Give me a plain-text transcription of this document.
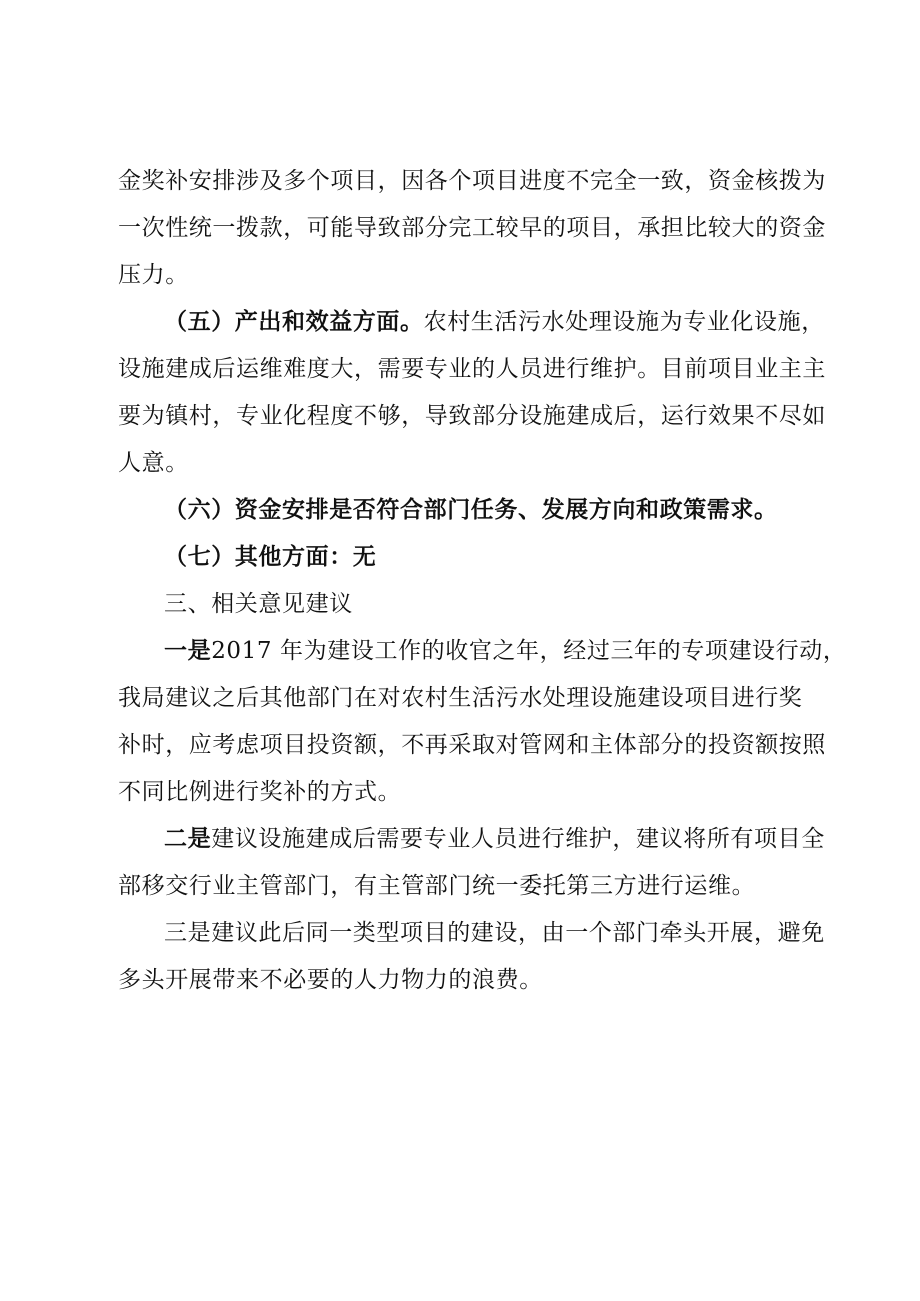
金奖补安排涉及多个项目，因各个项目进度不完全一致，资金核拨为
一次性统一拨款，可能导致部分完工较早的项目，承担比较大的资金
压力。
（五）产出和效益方面。农村生活污水处理设施为专业化设施，
设施建成后运维难度大，需要专业的人员进行维护。目前项目业主主
要为镇村，专业化程度不够，导致部分设施建成后，运行效果不尽如
人意。
（六）资金安排是否符合部门任务、发展方向和政策需求。
（七）其他方面：无
三、相关意见建议
一是2017 年为建设工作的收官之年，经过三年的专项建设行动，
我局建议之后其他部门在对农村生活污水处理设施建设项目进行奖
补时，应考虑项目投资额，不再采取对管网和主体部分的投资额按照
不同比例进行奖补的方式。
二是建议设施建成后需要专业人员进行维护，建议将所有项目全
部移交行业主管部门，有主管部门统一委托第三方进行运维。
三是建议此后同一类型项目的建设，由一个部门牵头开展，避免
多头开展带来不必要的人力物力的浪费。
